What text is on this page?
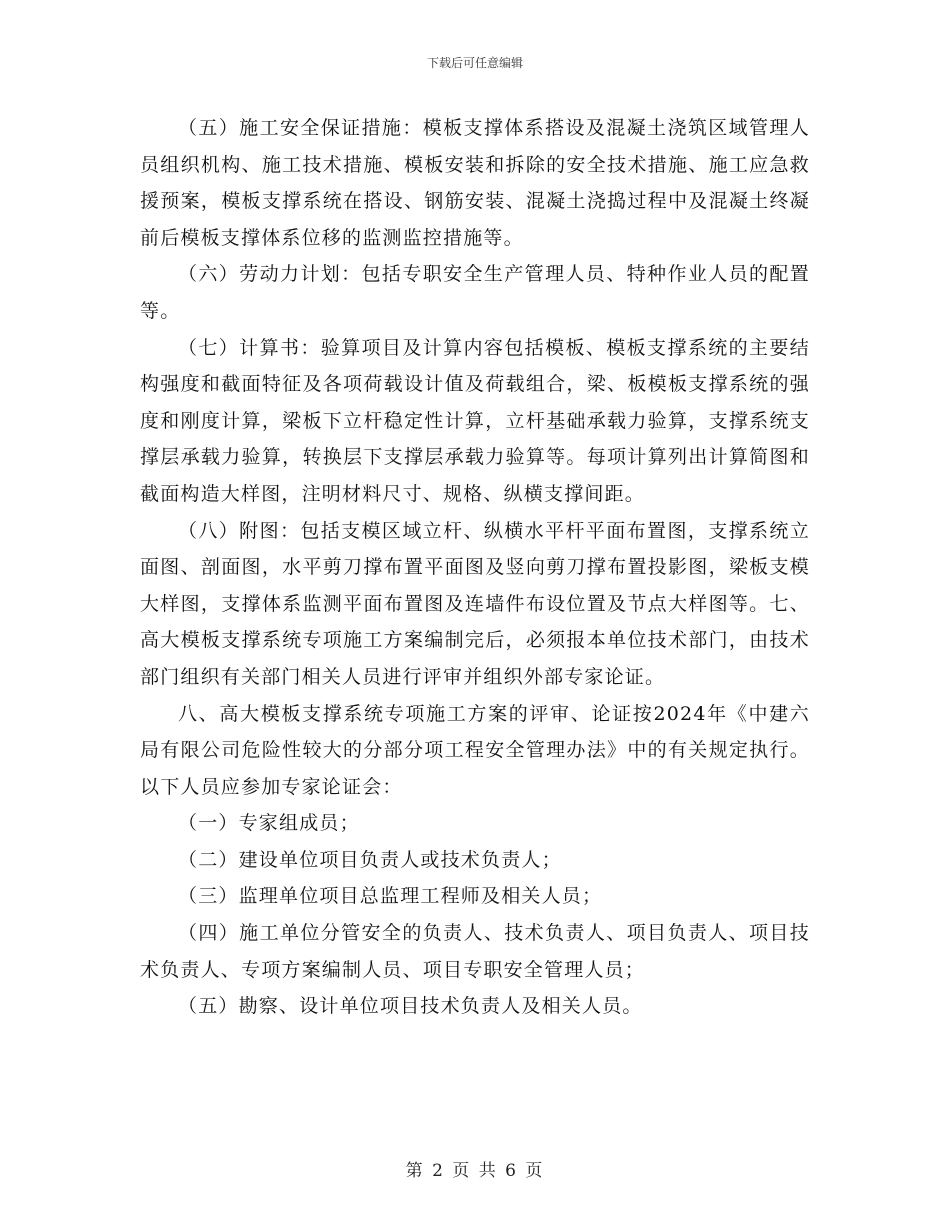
下载后可任意编辑

（五）施工安全保证措施：模板支撑体系搭设及混凝土浇筑区域管理人员组织机构、施工技术措施、模板安装和拆除的安全技术措施、施工应急救援预案，模板支撑系统在搭设、钢筋安装、混凝土浇捣过程中及混凝土终凝前后模板支撑体系位移的监测监控措施等。

（六）劳动力计划：包括专职安全生产管理人员、特种作业人员的配置等。

（七）计算书：验算项目及计算内容包括模板、模板支撑系统的主要结构强度和截面特征及各项荷载设计值及荷载组合，梁、板模板支撑系统的强度和刚度计算，梁板下立杆稳定性计算，立杆基础承载力验算，支撑系统支撑层承载力验算，转换层下支撑层承载力验算等。每项计算列出计算简图和截面构造大样图，注明材料尺寸、规格、纵横支撑间距。

（八）附图：包括支模区域立杆、纵横水平杆平面布置图，支撑系统立面图、剖面图，水平剪刀撑布置平面图及竖向剪刀撑布置投影图，梁板支模大样图，支撑体系监测平面布置图及连墙件布设位置及节点大样图等。七、高大模板支撑系统专项施工方案编制完后，必须报本单位技术部门，由技术部门组织有关部门相关人员进行评审并组织外部专家论证。

八、高大模板支撑系统专项施工方案的评审、论证按2024年《中建六局有限公司危险性较大的分部分项工程安全管理办法》中的有关规定执行。以下人员应参加专家论证会：

（一）专家组成员；

（二）建设单位项目负责人或技术负责人；

（三）监理单位项目总监理工程师及相关人员；

（四）施工单位分管安全的负责人、技术负责人、项目负责人、项目技术负责人、专项方案编制人员、项目专职安全管理人员；

（五）勘察、设计单位项目技术负责人及相关人员。

第 2 页 共 6 页
